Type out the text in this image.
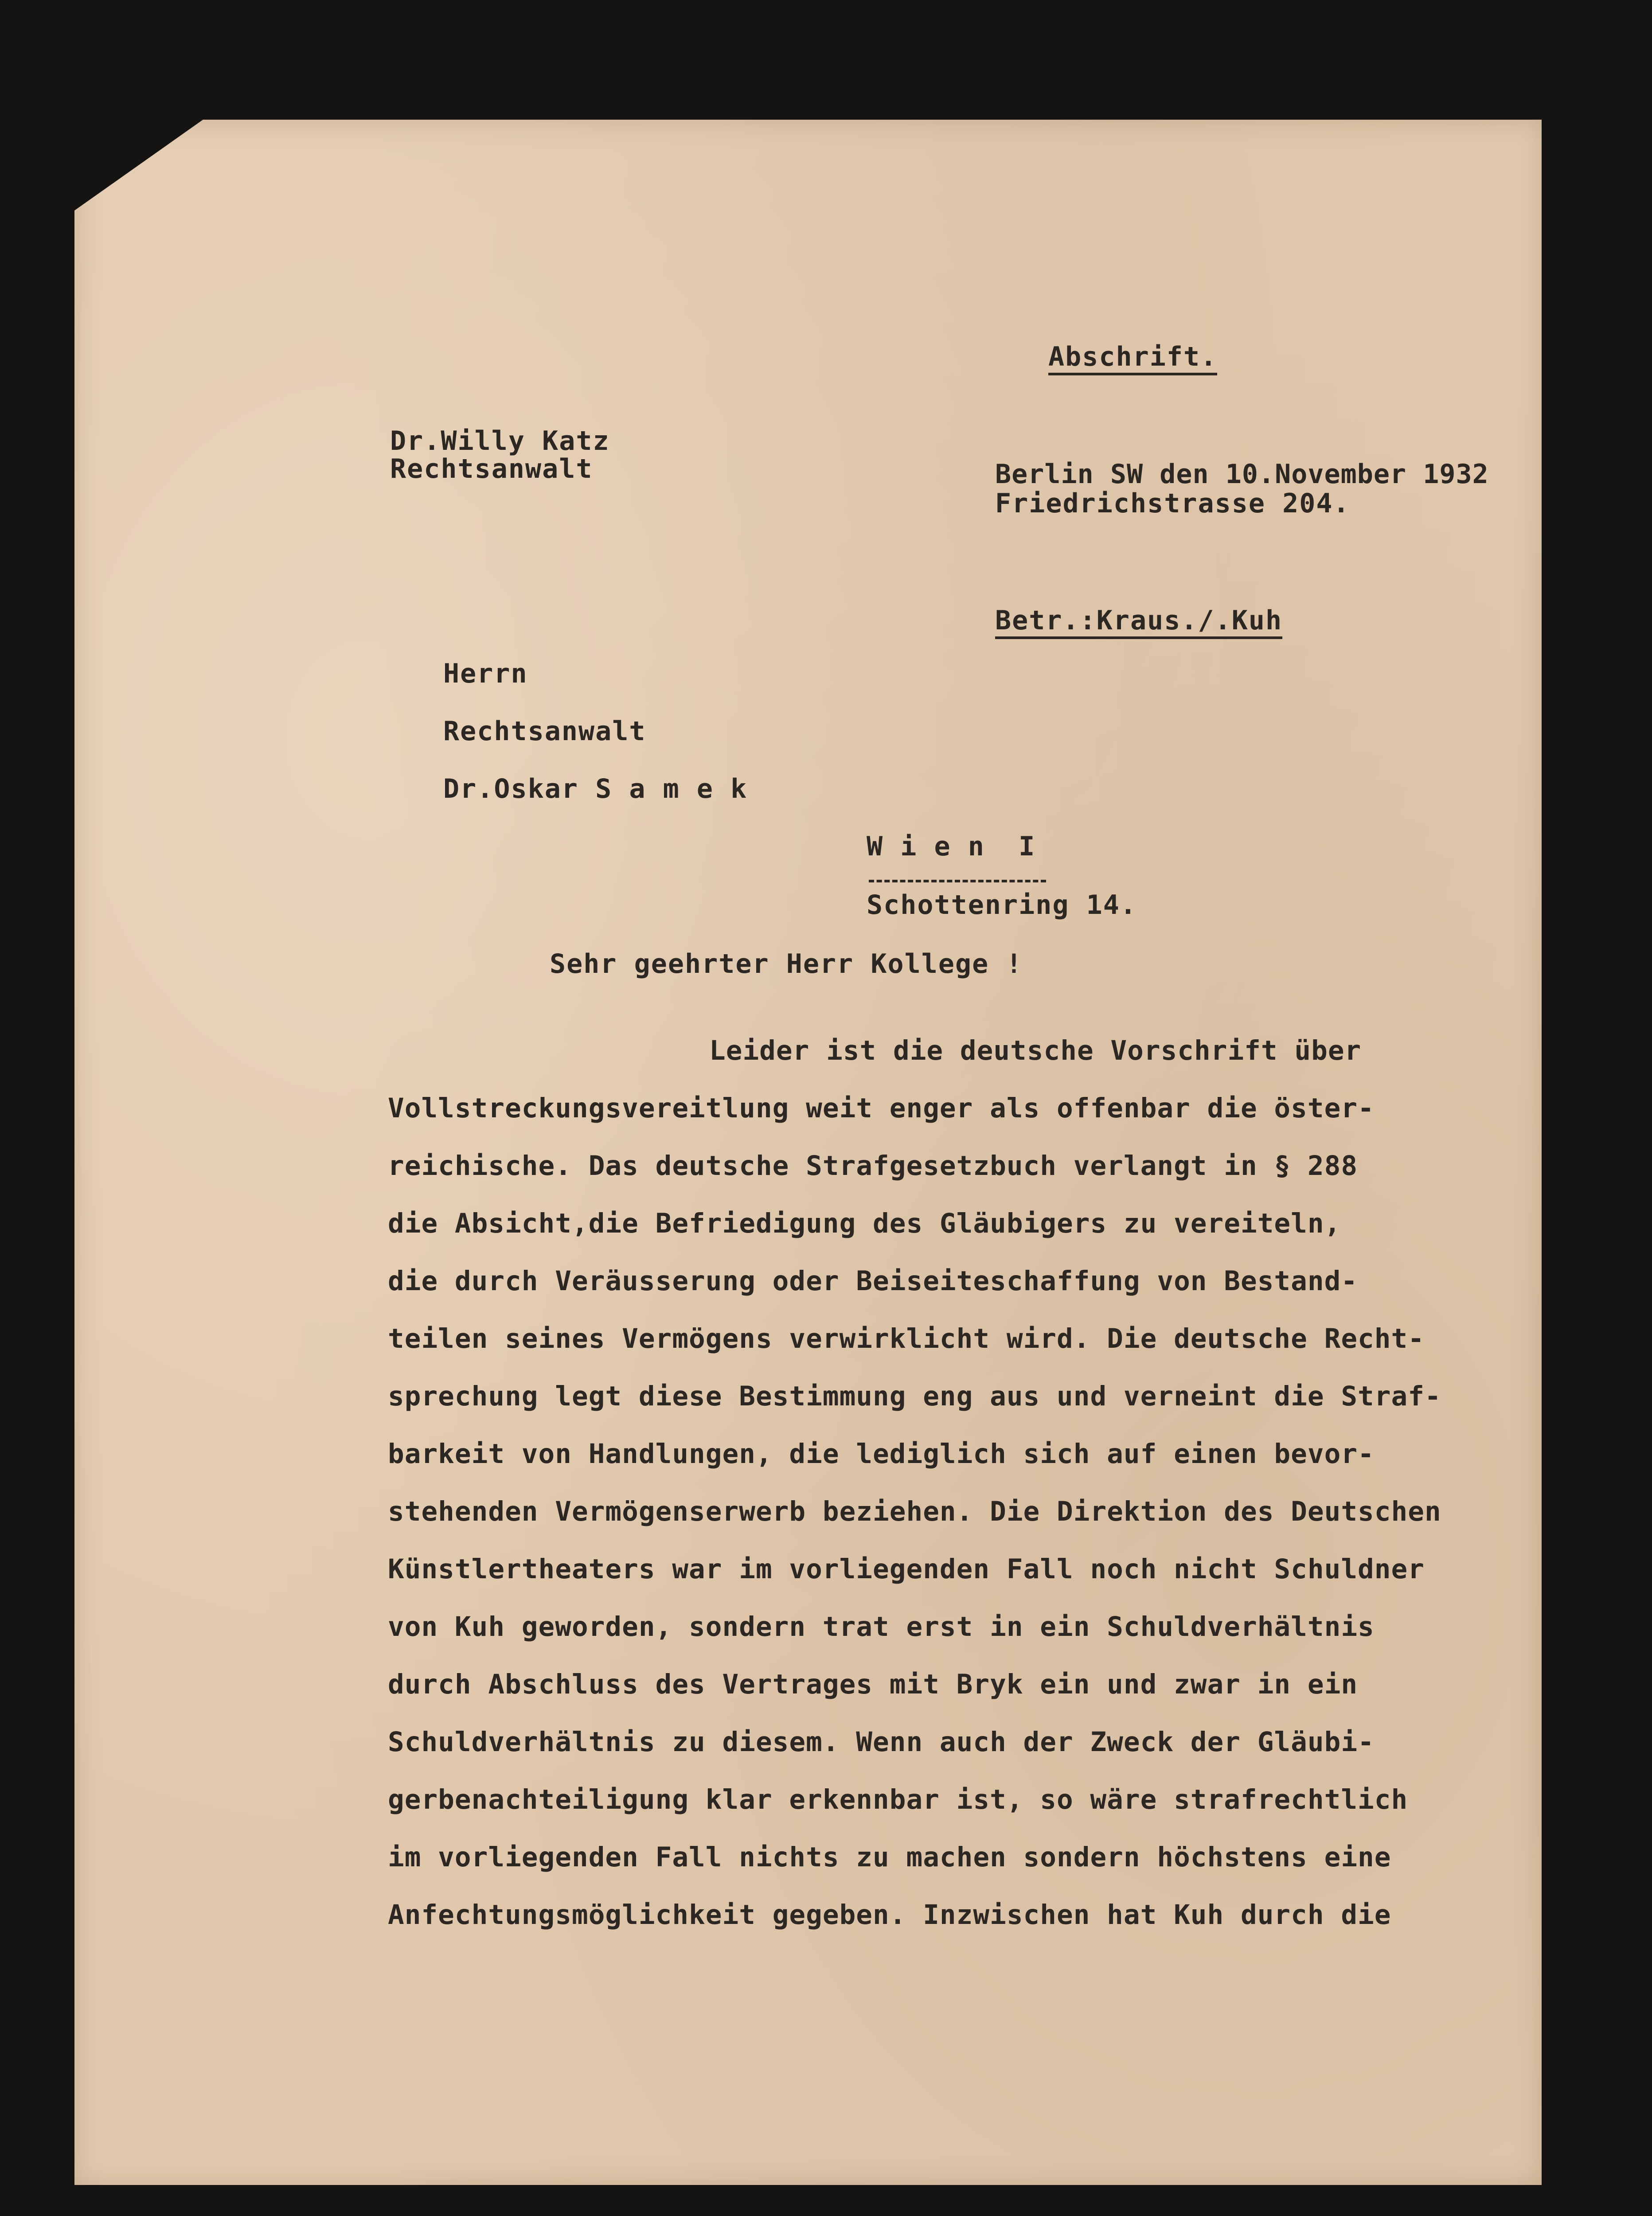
Abschrift.
Dr.Willy Katz
Rechtsanwalt	Berlin SW den 10.November 1932
Friedrichstrasse 204.
Betr.:Kraus./.Kuh
Herrn
Rechtsanwalt
Dr.Oskar S a m e k
W i e n  I
Schottenring 14.
Sehr geehrter Herr Kollege !
Leider ist die deutsche Vorschrift über
Vollstreckungsvereitlung weit enger als offenbar die öster-
reichische. Das deutsche Strafgesetzbuch verlangt in § 288
die Absicht,die Befriedigung des Gläubigers zu vereiteln,
die durch Veräusserung oder Beiseiteschaffung von Bestand-
teilen seines Vermögens verwirklicht wird. Die deutsche Recht-
sprechung legt diese Bestimmung eng aus und verneint die Straf-
barkeit von Handlungen, die lediglich sich auf einen bevor-
stehenden Vermögenserwerb beziehen. Die Direktion des Deutschen
Künstlertheaters war im vorliegenden Fall noch nicht Schuldner
von Kuh geworden, sondern trat erst in ein Schuldverhältnis
durch Abschluss des Vertrages mit Bryk ein und zwar in ein
Schuldverhältnis zu diesem. Wenn auch der Zweck der Gläubi-
gerbenachteiligung klar erkennbar ist, so wäre strafrechtlich
im vorliegenden Fall nichts zu machen sondern höchstens eine
Anfechtungsmöglichkeit gegeben. Inzwischen hat Kuh durch die
